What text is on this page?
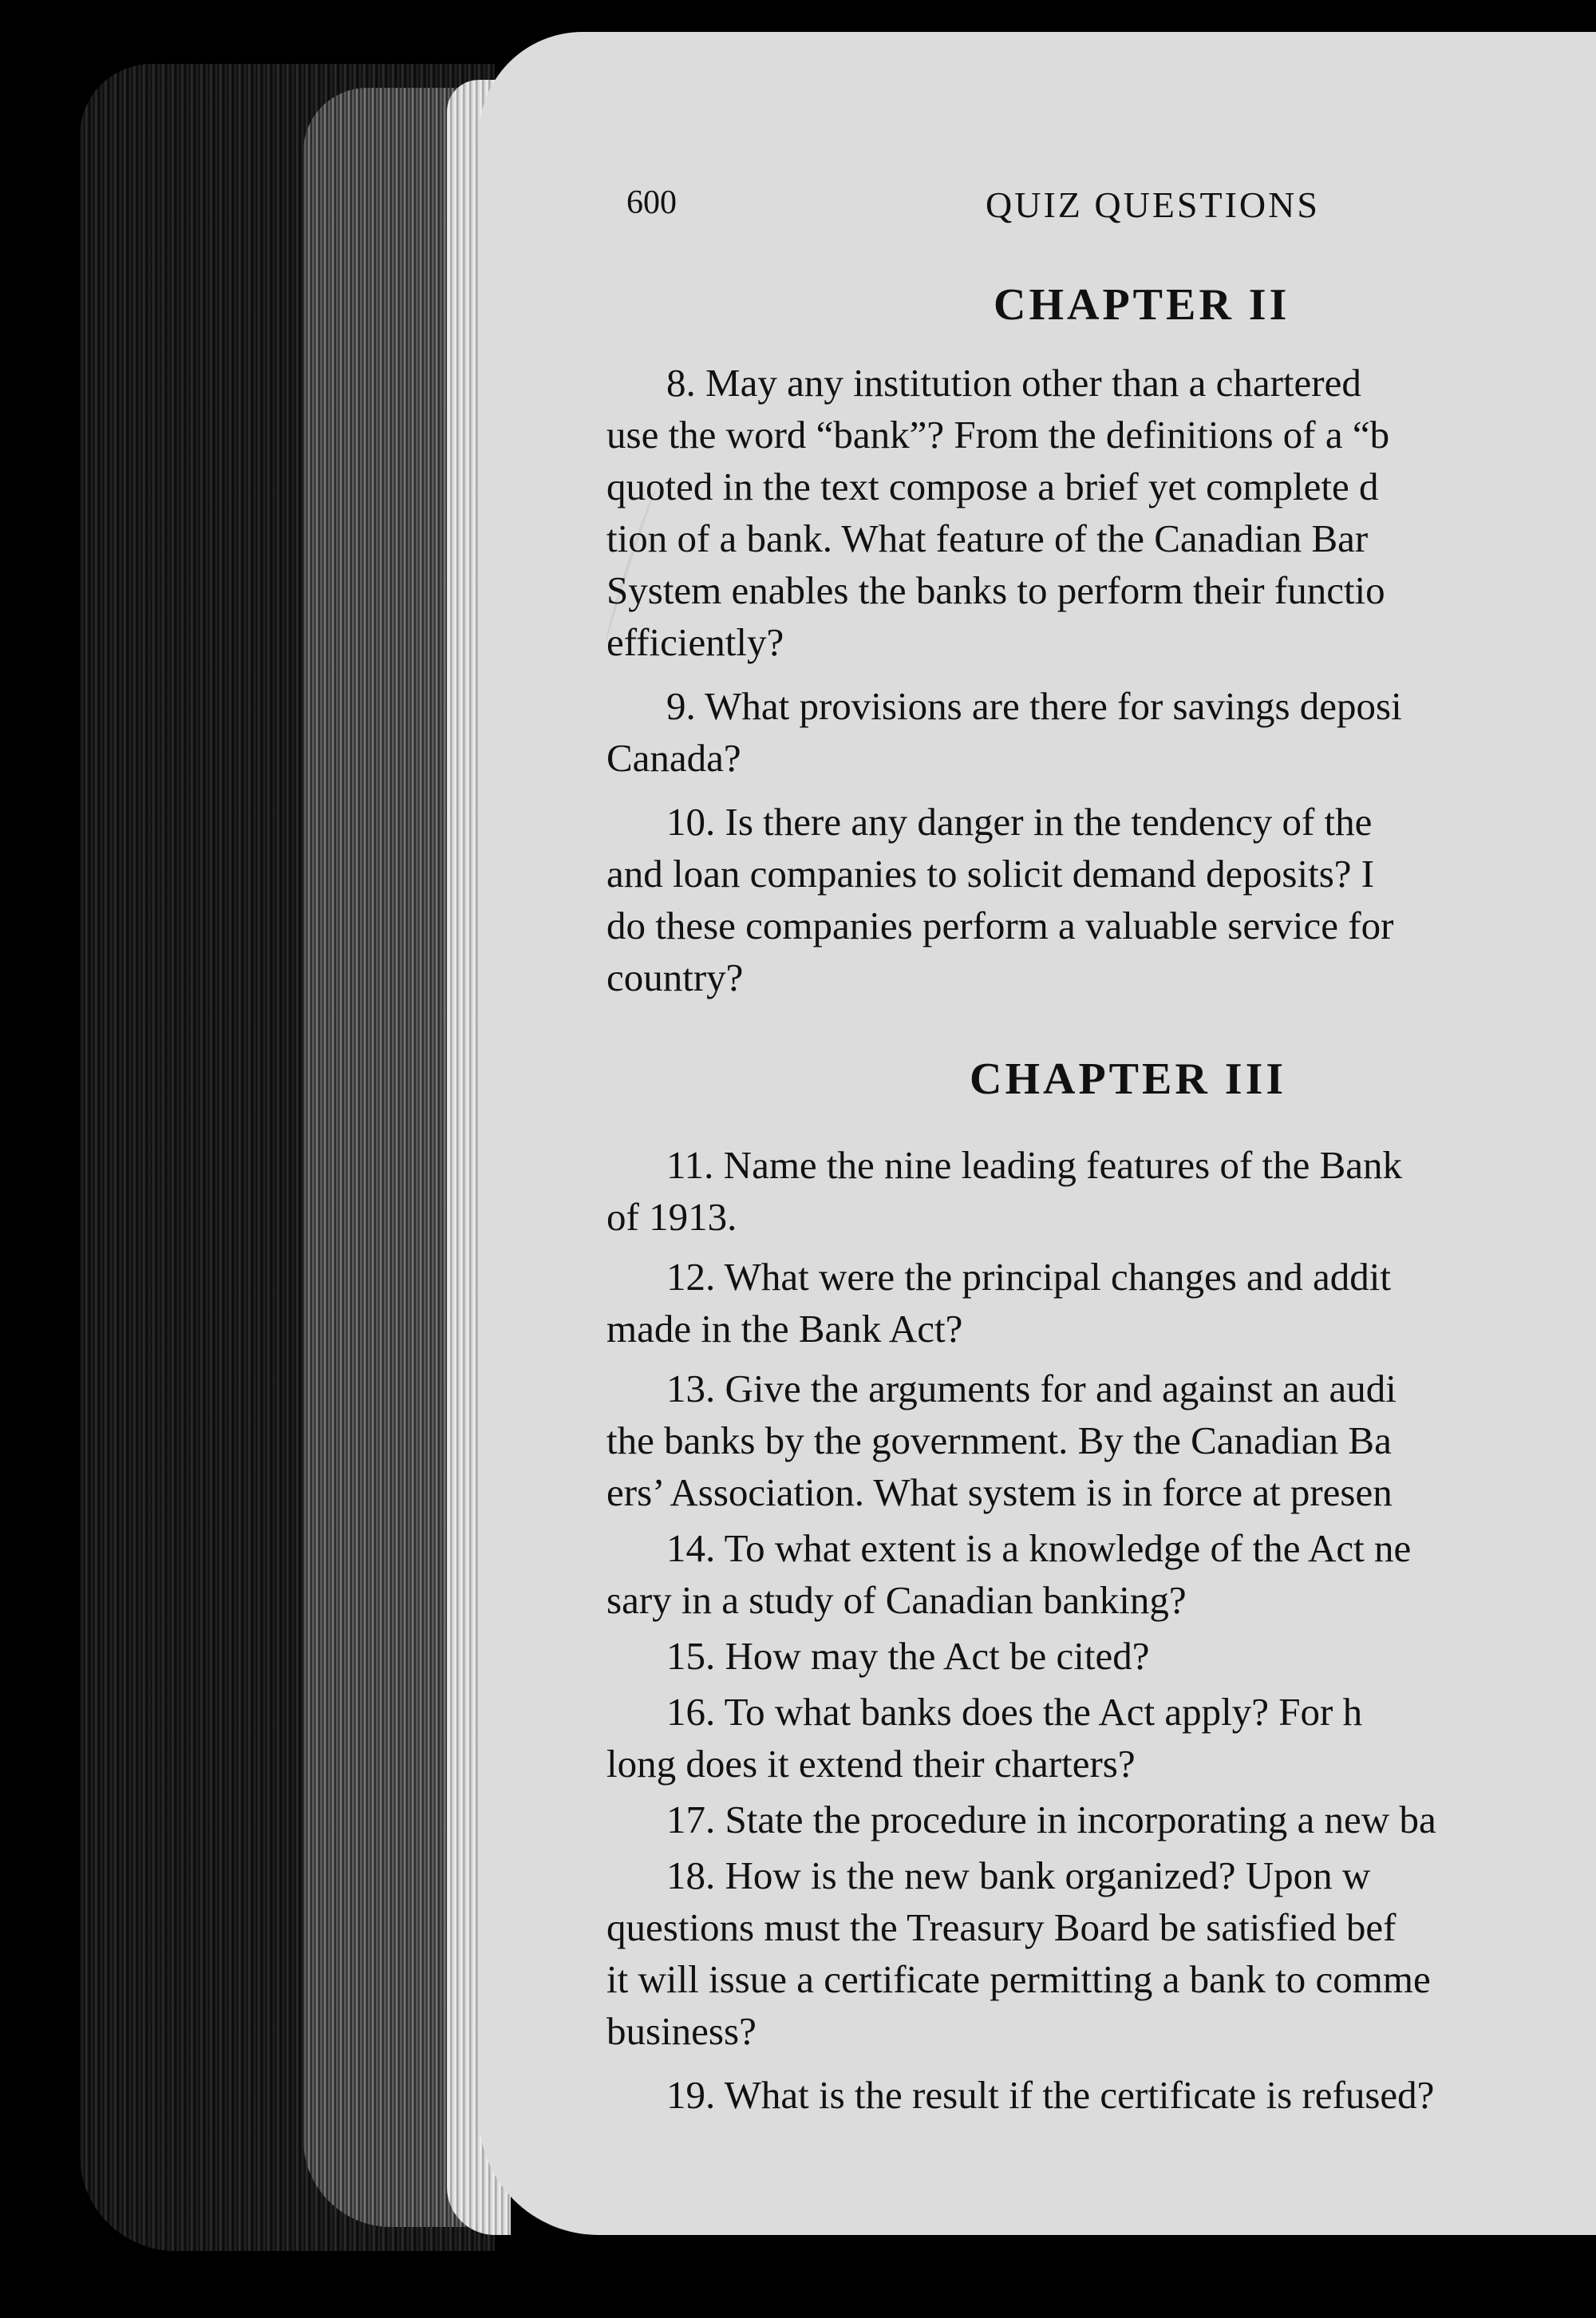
600	QUIZ QUESTIONS
CHAPTER II
8. May any institution other than a chartered
use the word “bank”? From the definitions of a “b
quoted in the text compose a brief yet complete d
tion of a bank. What feature of the Canadian Bar
System enables the banks to perform their functio
efficiently?
9. What provisions are there for savings deposi
Canada?
10. Is there any danger in the tendency of the
and loan companies to solicit demand deposits? I
do these companies perform a valuable service for
country?
CHAPTER III
11. Name the nine leading features of the Bank
of 1913.
12. What were the principal changes and addit
made in the Bank Act?
13. Give the arguments for and against an audi
the banks by the government. By the Canadian Ba
ers’ Association. What system is in force at presen
14. To what extent is a knowledge of the Act ne
sary in a study of Canadian banking?
15. How may the Act be cited?
16. To what banks does the Act apply? For h
long does it extend their charters?
17. State the procedure in incorporating a new ba
18. How is the new bank organized? Upon w
questions must the Treasury Board be satisfied bef
it will issue a certificate permitting a bank to comme
business?
19. What is the result if the certificate is refused?
